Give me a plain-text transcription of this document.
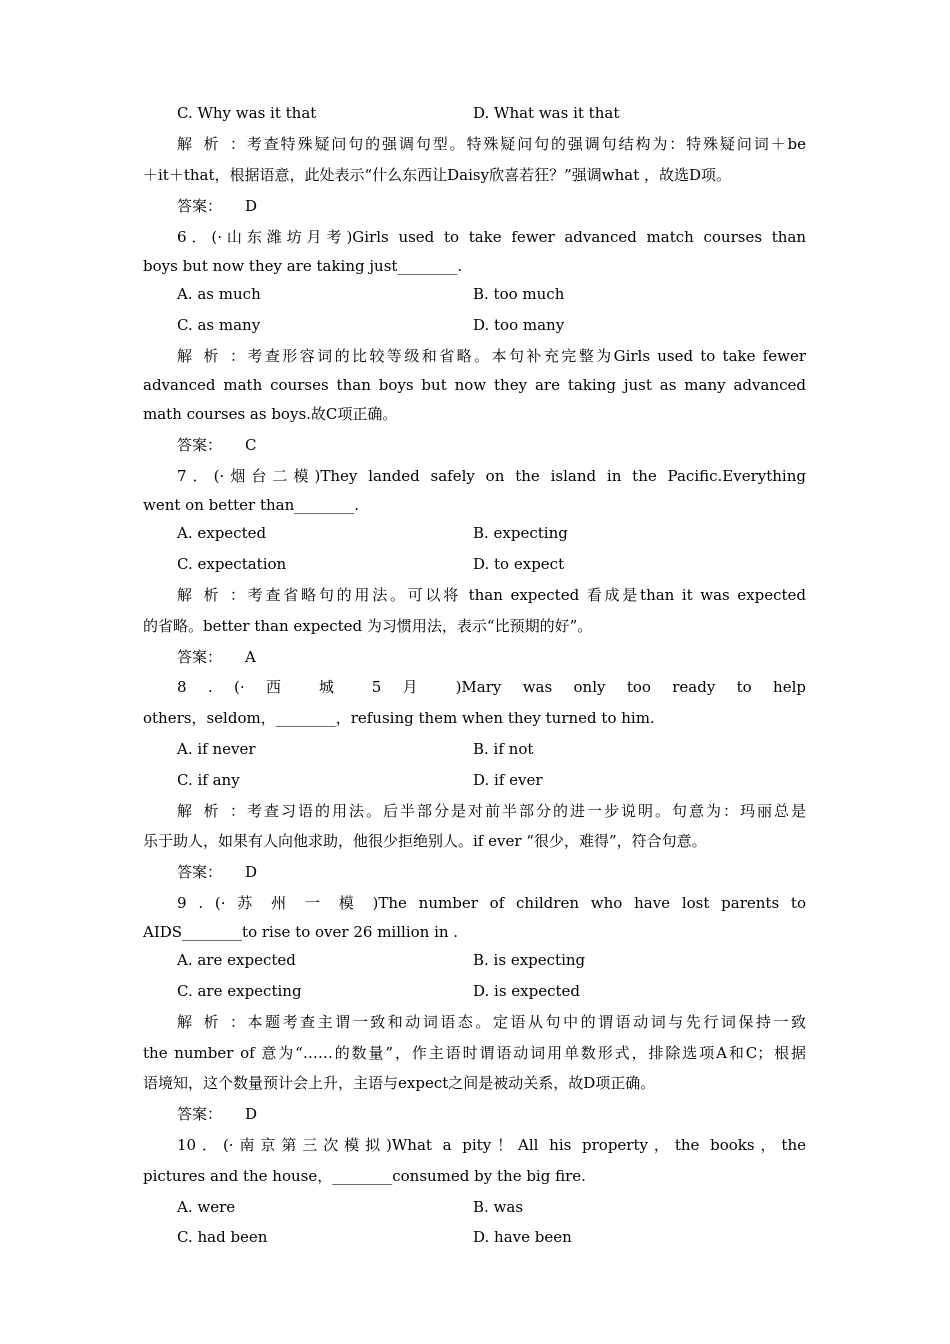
C. Why was it that	D. What was it that
解析：考查特殊疑问句的强调句型。特殊疑问句的强调句结构为：特殊疑问词＋be
＋it＋that，根据语意，此处表示“什么东西让Daisy欣喜若狂？”强调what ，故选D项。
答案： D
6．(·山东潍坊月考)Girls used to take fewer advanced match courses than
boys but now they are taking just________.
A. as much	B. too much
C. as many	D. too many
解析：考查形容词的比较等级和省略。本句补充完整为Girls used to take fewer
advanced math courses than boys but now they are taking just as many advanced
math courses as boys.故C项正确。
答案： C
7．(·烟台二模)They landed safely on the island in the Pacific.Everything
went on better than________.
A. expected	B. expecting
C. expectation	D. to expect
解析：考查省略句的用法。可以将 than expected 看成是than it was expected
的省略。better than expected 为习惯用法，表示“比预期的好”。
答案： A
8 . (· 西 城 5 月 )Mary was only too ready to help
others，seldom，________，refusing them when they turned to him.
A. if never	B. if not
C. if any	D. if ever
解析：考查习语的用法。后半部分是对前半部分的进一步说明。句意为：玛丽总是
乐于助人，如果有人向他求助，他很少拒绝别人。if ever “很少，难得”，符合句意。
答案： D
9 . (· 苏 州 一 模 )The number of children who have lost parents to
AIDS________to rise to over 26 million in .
A. are expected	B. is expecting
C. are expecting	D. is expected
解析：本题考查主谓一致和动词语态。定语从句中的谓语动词与先行词保持一致
the number of 意为“……的数量”，作主语时谓语动词用单数形式，排除选项A和C；根据
语境知，这个数量预计会上升，主语与expect之间是被动关系，故D项正确。
答案： D
10．(·南京第三次模拟)What a pity！All his property，the books，the
pictures and the house，________consumed by the big fire.
A. were	B. was
C. had been	D. have been
